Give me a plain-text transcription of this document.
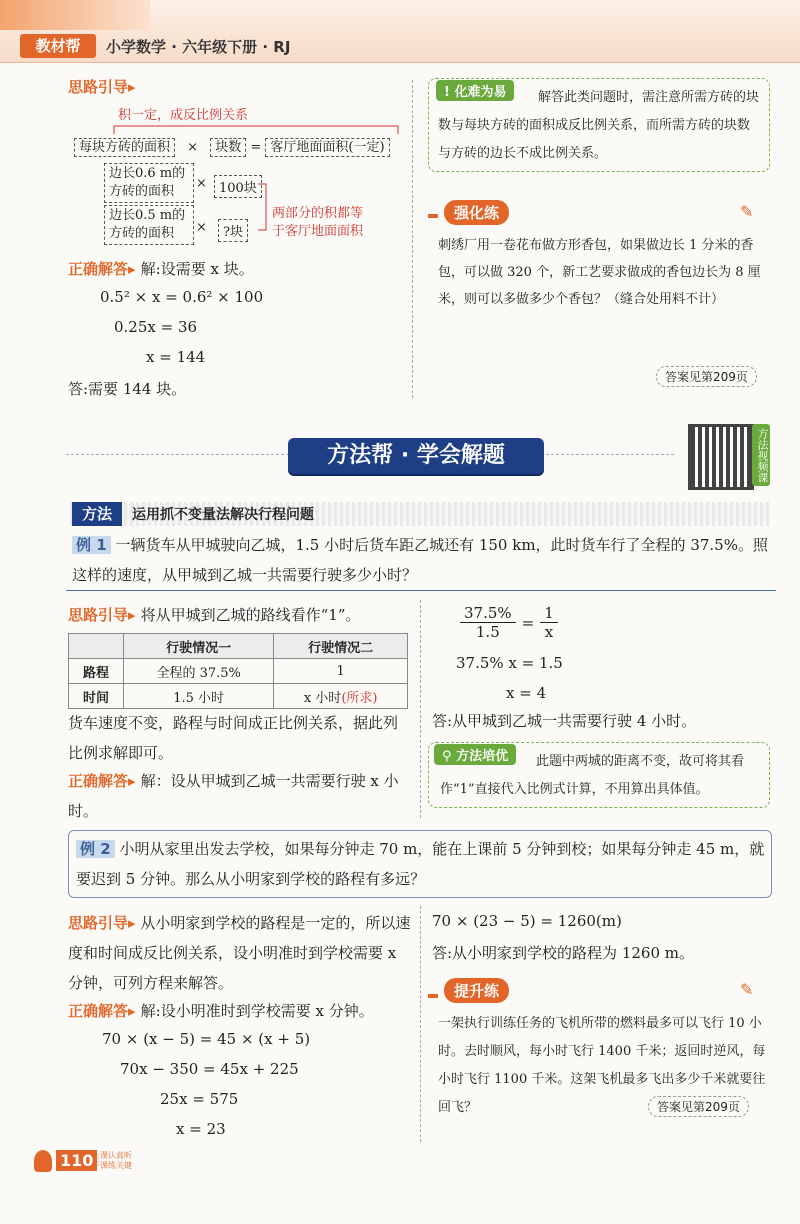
教材帮	小学数学 · 六年级下册 · RJ
思路引导▸
积一定，成反比例关系
每块方砖的面积 × 块数 = 客厅地面面积(一定)
边长0.6 m的
方砖的面积
× 100块
边长0.5 m的
方砖的面积	×	?块
两部分的积都等
于客厅地面面积
正确解答▸ 解:设需要 x 块。
0.5² × x = 0.6² × 100
0.25x = 36
x = 144
答:需要 144 块。
! 化难为易	解答此类问题时，需注意所需方砖的块数与每块方砖的面积成反比例关系，而所需方砖的块数与方砖的边长不成比例关系。
强化练	✎
刺绣厂用一卷花布做方形香包，如果做边长 1 分米的香包，可以做 320 个，新工艺要求做成的香包边长为 8 厘米，则可以多做多少个香包？（缝合处用料不计）
答案见第209页
方法帮 · 学会解题	方法视频课
方法	运用抓不变量法解决行程问题
例 1 一辆货车从甲城驶向乙城，1.5 小时后货车距乙城还有 150 km，此时货车行了全程的 37.5%。照这样的速度，从甲城到乙城一共需要行驶多少小时？
思路引导▸ 将从甲城到乙城的路线看作“1”。
	行驶情况一	行驶情况二
路程	全程的 37.5%	1
时间	1.5 小时	x 小时(所求)
货车速度不变，路程与时间成正比例关系，据此列比例求解即可。
正确解答▸ 解：设从甲城到乙城一共需要行驶 x 小时。
$\frac{37.5\%}{1.5} = \frac{1}{x}$
37.5% x = 1.5
x = 4
答:从甲城到乙城一共需要行驶 4 小时。
⚲ 方法培优	此题中两城的距离不变，故可将其看作“1”直接代入比例式计算，不用算出具体值。
例 2 小明从家里出发去学校，如果每分钟走 70 m，能在上课前 5 分钟到校；如果每分钟走 45 m，就要迟到 5 分钟。那么从小明家到学校的路程有多远？
思路引导▸ 从小明家到学校的路程是一定的，所以速度和时间成反比例关系，设小明准时到学校需要 x 分钟，可列方程来解答。
正确解答▸ 解:设小明准时到学校需要 x 分钟。
70 × (x − 5) = 45 × (x + 5)
70x − 350 = 45x + 225
25x = 575
x = 23
70 × (23 − 5) = 1260(m)
答:从小明家到学校的路程为 1260 m。
提升练	✎
一架执行训练任务的飞机所带的燃料最多可以飞行 10 小时。去时顺风，每小时飞行 1400 千米；返回时逆风，每小时飞行 1100 千米。这架飞机最多飞出多少千米就要往回飞？	答案见第209页
110
上课认真听
下课练关键
